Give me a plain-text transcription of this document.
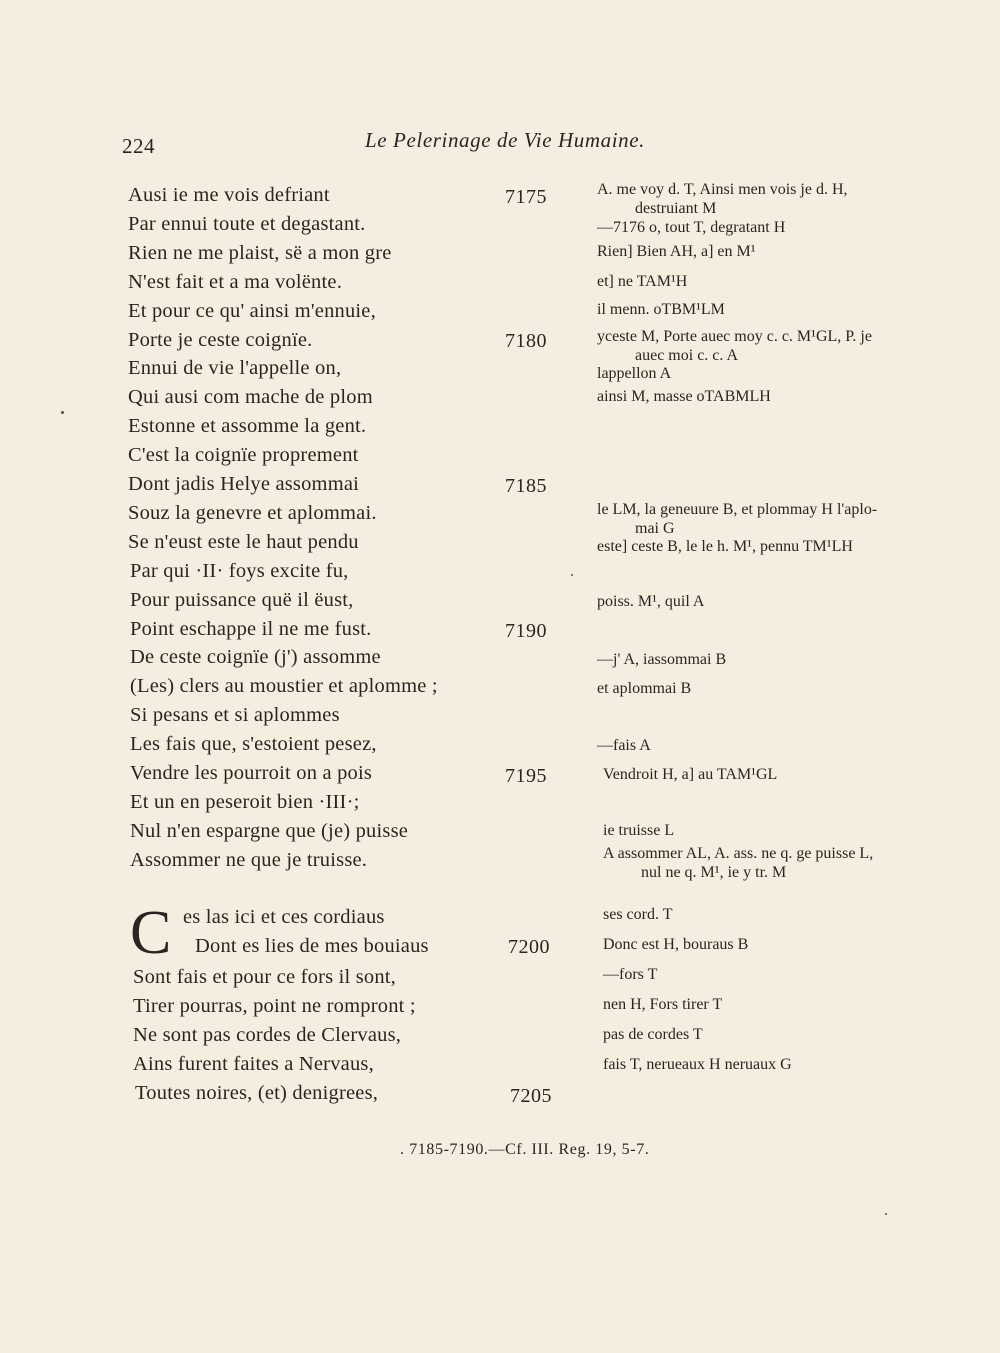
224	Le Pelerinage de Vie Humaine.
Ausi ie me vois defriant
Par ennui toute et degastant.
Rien ne me plaist, së a mon gre
N'est fait et a ma volënte.
Et pour ce qu' ainsi m'ennuie,
Porte je ceste coignïe.
Ennui de vie l'appelle on,
Qui ausi com mache de plom
Estonne et assomme la gent.
C'est la coignïe proprement
Dont jadis Helye assommai
Souz la genevre et aplommai.
Se n'eust este le haut pendu
Par qui ·II· foys excite fu,
Pour puissance quë il ëust,
Point eschappe il ne me fust.
De ceste coignïe (j') assomme
(Les) clers au moustier et aplomme ;
Si pesans et si aplommes
Les fais que, s'estoient pesez,
Vendre les pourroit on a pois
Et un en peseroit bien ·III·;
Nul n'en espargne que (je) puisse
Assommer ne que je truisse.
C es las ici et ces cordiaus
Dont es lies de mes bouiaus
Sont fais et pour ce fors il sont,
Tirer pourras, point ne rompront ;
Ne sont pas cordes de Clervaus,
Ains furent faites a Nervaus,
Toutes noires, (et) denigrees,
7175
7180
7185
7190
7195
7200
7205
A. me voy d. T, Ainsi men vois je d. H,
destruiant M
—7176 o, tout T, degratant H
Rien] Bien AH, a] en M¹
et] ne TAM¹H
il menn. oTBM¹LM
yceste M, Porte auec moy c. c. M¹GL, P. je
auec moi c. c. A
lappellon A
ainsi M, masse oTABMLH
le LM, la geneuure B, et plommay H l'aplo-
mai G
este] ceste B, le le h. M¹, pennu TM¹LH
poiss. M¹, quil A
—j' A, iassommai B
et aplommai B
—fais A
Vendroit H, a] au TAM¹GL
ie truisse L
A assommer AL, A. ass. ne q. ge puisse L,
nul ne q. M¹, ie y tr. M
ses cord. T
Donc est H, bouraus B
—fors T
nen H, Fors tirer T
pas de cordes T
fais T, nerueaux H neruaux G
. 7185-7190.—Cf. III. Reg. 19, 5-7.
